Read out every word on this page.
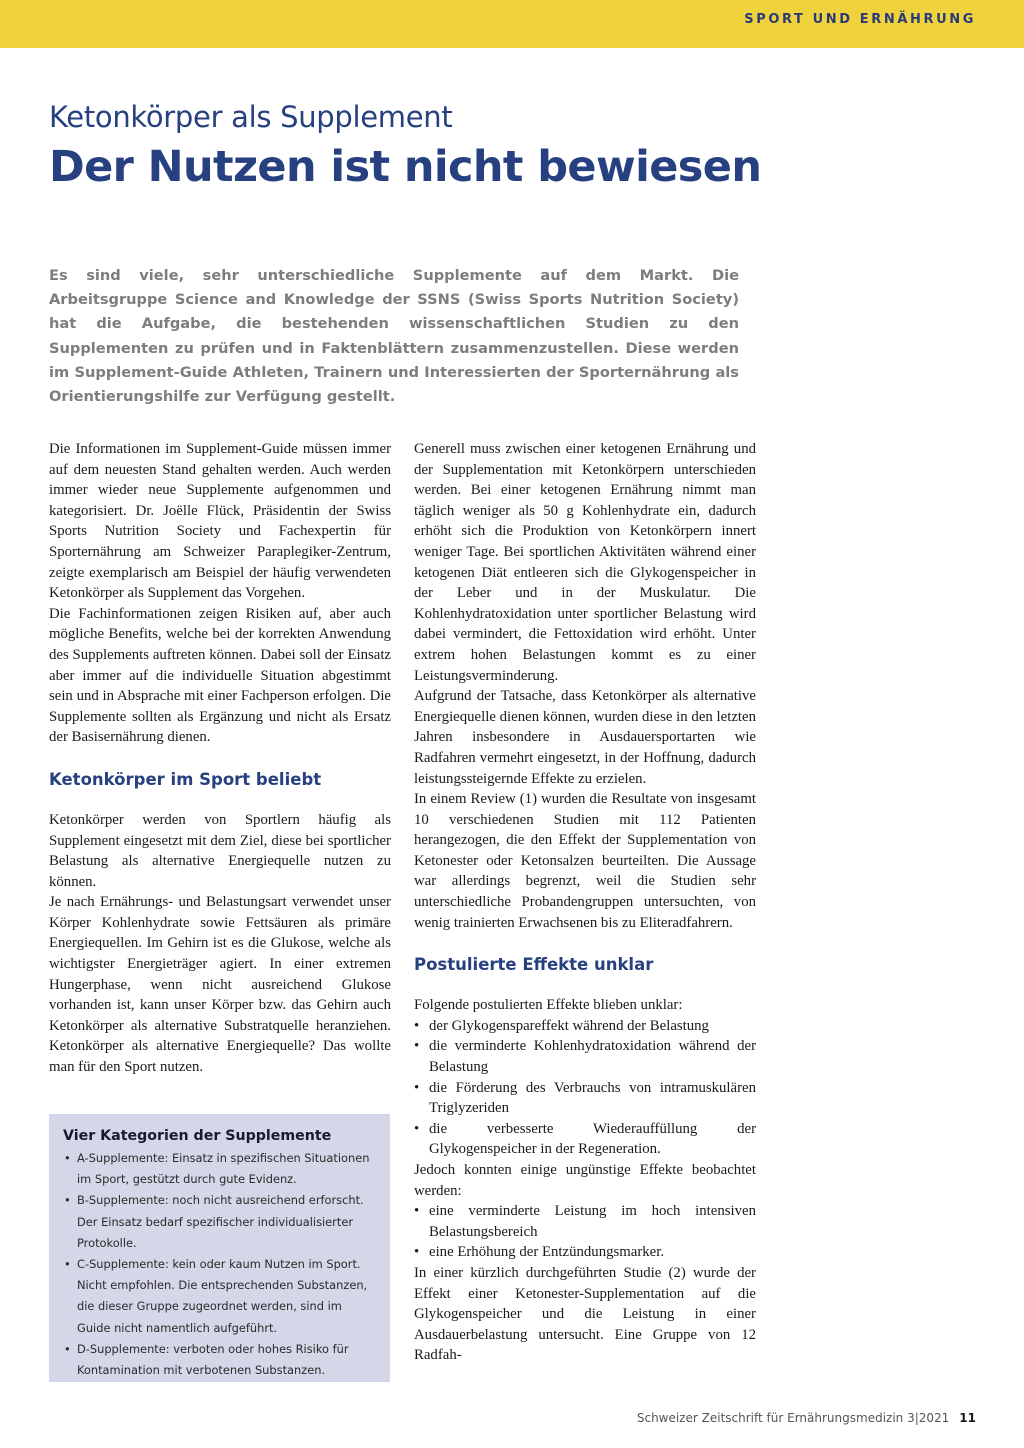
SPORT UND ERNÄHRUNG
Ketonkörper als Supplement
Der Nutzen ist nicht bewiesen

Es sind viele, sehr unterschiedliche Supplemente auf dem Markt. Die Arbeitsgruppe Science and Knowledge der SSNS (Swiss Sports Nutrition Society) hat die Aufgabe, die bestehenden wissenschaftlichen Studien zu den Supplementen zu prüfen und in Faktenblättern zusammenzustellen. Diese werden im Supplement-Guide Athleten, Trainern und Interessierten der Sporternährung als Orientierungshilfe zur Verfügung gestellt.

Die Informationen im Supplement-Guide müssen immer auf dem neuesten Stand gehalten werden. Auch werden immer wieder neue Supplemente aufgenommen und kategorisiert. Dr. Joëlle Flück, Präsidentin der Swiss Sports Nutrition Society und Fachexpertin für Sporternährung am Schweizer Paraplegiker-Zentrum, zeigte exemplarisch am Beispiel der häufig verwendeten Ketonkörper als Supplement das Vorgehen.

Die Fachinformationen zeigen Risiken auf, aber auch mögliche Benefits, welche bei der korrekten Anwendung des Supplements auftreten können. Dabei soll der Einsatz aber immer auf die individuelle Situation abgestimmt sein und in Absprache mit einer Fachperson erfolgen. Die Supplemente sollten als Ergänzung und nicht als Ersatz der Basisernährung dienen.

Ketonkörper im Sport beliebt

Ketonkörper werden von Sportlern häufig als Supplement eingesetzt mit dem Ziel, diese bei sportlicher Belastung als alternative Energiequelle nutzen zu können.

Je nach Ernährungs- und Belastungsart verwendet unser Körper Kohlenhydrate sowie Fettsäuren als primäre Energiequellen. Im Gehirn ist es die Glukose, welche als wichtigster Energieträger agiert. In einer extremen Hungerphase, wenn nicht ausreichend Glukose vorhanden ist, kann unser Körper bzw. das Gehirn auch Ketonkörper als alternative Substratquelle heranziehen. Ketonkörper als alternative Energiequelle? Das wollte man für den Sport nutzen.

Vier Kategorien der Supplemente
• A-Supplemente: Einsatz in spezifischen Situationen im Sport, gestützt durch gute Evidenz.
• B-Supplemente: noch nicht ausreichend erforscht. Der Einsatz bedarf spezifischer individualisierter Protokolle.
• C-Supplemente: kein oder kaum Nutzen im Sport. Nicht empfohlen. Die entsprechenden Substanzen, die dieser Gruppe zugeordnet werden, sind im Guide nicht namentlich aufgeführt.
• D-Supplemente: verboten oder hohes Risiko für Kontamination mit verbotenen Substanzen.

Generell muss zwischen einer ketogenen Ernährung und der Supplementation mit Ketonkörpern unterschieden werden. Bei einer ketogenen Ernährung nimmt man täglich weniger als 50 g Kohlenhydrate ein, dadurch erhöht sich die Produktion von Ketonkörpern innert weniger Tage. Bei sportlichen Aktivitäten während einer ketogenen Diät entleeren sich die Glykogenspeicher in der Leber und in der Muskulatur. Die Kohlenhydratoxidation unter sportlicher Belastung wird dabei vermindert, die Fettoxidation wird erhöht. Unter extrem hohen Belastungen kommt es zu einer Leistungsverminderung.

Aufgrund der Tatsache, dass Ketonkörper als alternative Energiequelle dienen können, wurden diese in den letzten Jahren insbesondere in Ausdauersportarten wie Radfahren vermehrt eingesetzt, in der Hoffnung, dadurch leistungssteigernde Effekte zu erzielen.

In einem Review (1) wurden die Resultate von insgesamt 10 verschiedenen Studien mit 112 Patienten herangezogen, die den Effekt der Supplementation von Ketonester oder Ketonsalzen beurteilten. Die Aussage war allerdings begrenzt, weil die Studien sehr unterschiedliche Probandengruppen untersuchten, von wenig trainierten Erwachsenen bis zu Eliteradfahrern.

Postulierte Effekte unklar

Folgende postulierten Effekte blieben unklar:

• der Glykogenspareffekt während der Belastung
• die verminderte Kohlenhydratoxidation während der Belastung
• die Förderung des Verbrauchs von intramuskulären Triglyzeriden
• die verbesserte Wiederauffüllung der Glykogenspeicher in der Regeneration.

Jedoch konnten einige ungünstige Effekte beobachtet werden:

• eine verminderte Leistung im hoch intensiven Belastungsbereich
• eine Erhöhung der Entzündungsmarker.

In einer kürzlich durchgeführten Studie (2) wurde der Effekt einer Ketonester-Supplementation auf die Glykogenspeicher und die Leistung in einer Ausdauerbelastung untersucht. Eine Gruppe von 12 Radfah-

Schweizer Zeitschrift für Ernährungsmedizin 3|2021 11
